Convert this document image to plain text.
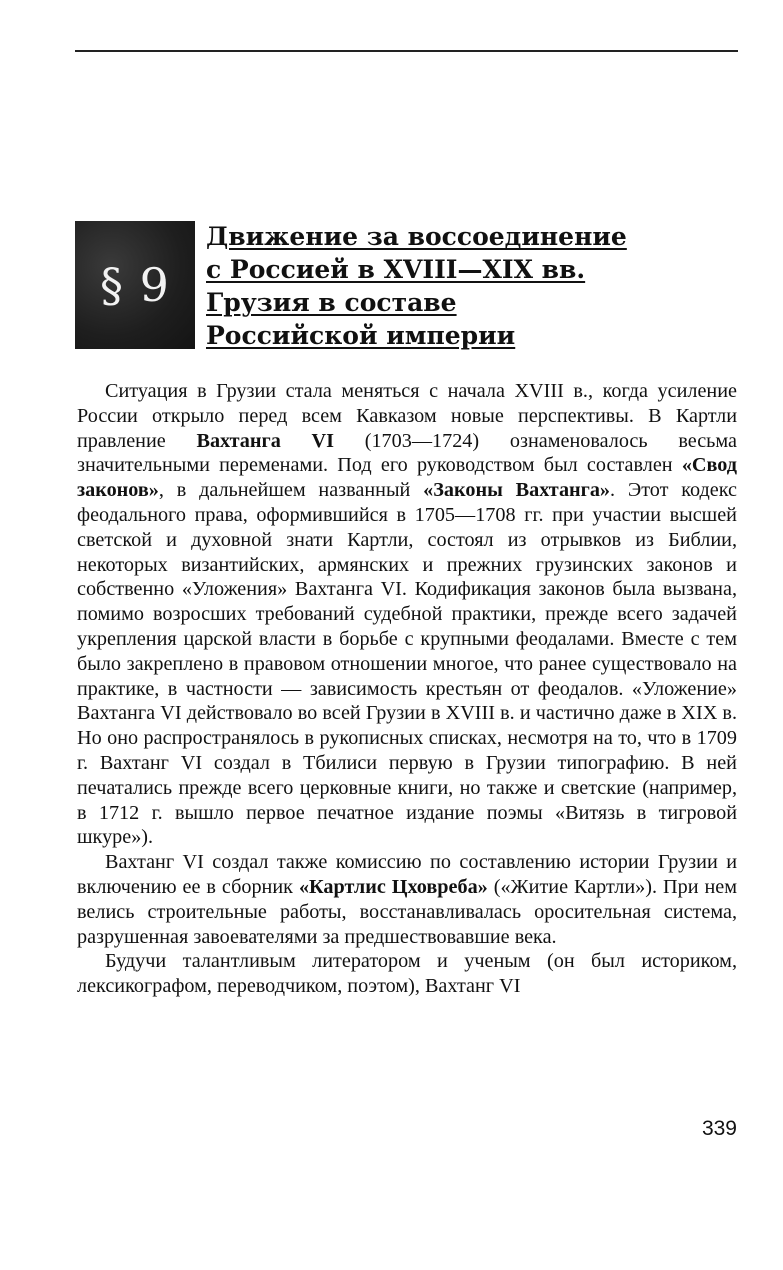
§ 9
Движение за воссоединение
с Россией в XVIII—XIX вв.
Грузия в составе
Российской империи

Ситуация в Грузии стала меняться с начала XVIII в., когда усиление России открыло перед всем Кавказом новые перспективы. В Картли правление Вахтанга VI (1703—1724) ознаменовалось весьма значительными переменами. Под его руководством был составлен «Свод законов», в дальнейшем названный «Законы Вахтанга». Этот кодекс феодального права, оформившийся в 1705—1708 гг. при участии высшей светской и духовной знати Картли, состоял из отрывков из Библии, некоторых византийских, армянских и прежних грузинских законов и собственно «Уложения» Вахтанга VI. Кодификация законов была вызвана, помимо возросших требований судебной практики, прежде всего задачей укрепления царской власти в борьбе с крупными феодалами. Вместе с тем было закреплено в правовом отношении многое, что ранее существовало на практике, в частности — зависимость крестьян от феодалов. «Уложение» Вахтанга VI действовало во всей Грузии в XVIII в. и частично даже в XIX в. Но оно распространялось в рукописных списках, несмотря на то, что в 1709 г. Вахтанг VI создал в Тбилиси первую в Грузии типографию. В ней печатались прежде всего церковные книги, но также и светские (например, в 1712 г. вышло первое печатное издание поэмы «Витязь в тигровой шкуре»).

Вахтанг VI создал также комиссию по составлению истории Грузии и включению ее в сборник «Картлис Цховреба» («Житие Картли»). При нем велись строительные работы, восстанавливалась оросительная система, разрушенная завоевателями за предшествовавшие века.

Будучи талантливым литератором и ученым (он был историком, лексикографом, переводчиком, поэтом), Вахтанг VI

339
